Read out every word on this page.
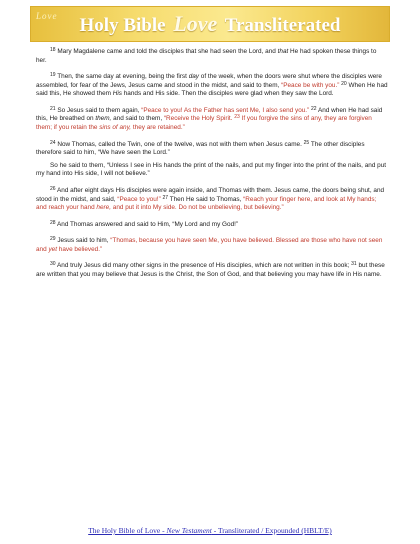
Love Holy Bible Love Transliterated

$^{18}$ Mary Magdalene came and told the disciples that she had seen the Lord, and that He had spoken these things to her.

$^{19}$ Then, the same day at evening, being the first day of the week, when the doors were shut where the disciples were assembled, for fear of the Jews, Jesus came and stood in the midst, and said to them, “Peace be with you.” $^{20}$ When He had said this, He showed them His hands and His side. Then the disciples were glad when they saw the Lord.

$^{21}$ So Jesus said to them again, “Peace to you! As the Father has sent Me, I also send you.” $^{22}$ And when He had said this, He breathed on them, and said to them, “Receive the Holy Spirit. $^{23}$ If you forgive the sins of any, they are forgiven them; if you retain the sins of any, they are retained.”

$^{24}$ Now Thomas, called the Twin, one of the twelve, was not with them when Jesus came. $^{25}$ The other disciples therefore said to him, “We have seen the Lord.”

So he said to them, “Unless I see in His hands the print of the nails, and put my finger into the print of the nails, and put my hand into His side, I will not believe.”

$^{26}$ And after eight days His disciples were again inside, and Thomas with them. Jesus came, the doors being shut, and stood in the midst, and said, “Peace to you!” $^{27}$ Then He said to Thomas, “Reach your finger here, and look at My hands; and reach your hand here, and put it into My side. Do not be unbelieving, but believing.”

$^{28}$ And Thomas answered and said to Him, “My Lord and my God!”

$^{29}$ Jesus said to him, “Thomas, because you have seen Me, you have believed. Blessed are those who have not seen and yet have believed.”

$^{30}$ And truly Jesus did many other signs in the presence of His disciples, which are not written in this book; $^{31}$ but these are written that you may believe that Jesus is the Christ, the Son of God, and that believing you may have life in His name.

The Holy Bible of Love - New Testament - Transliterated / Expounded (HBLT/E)
